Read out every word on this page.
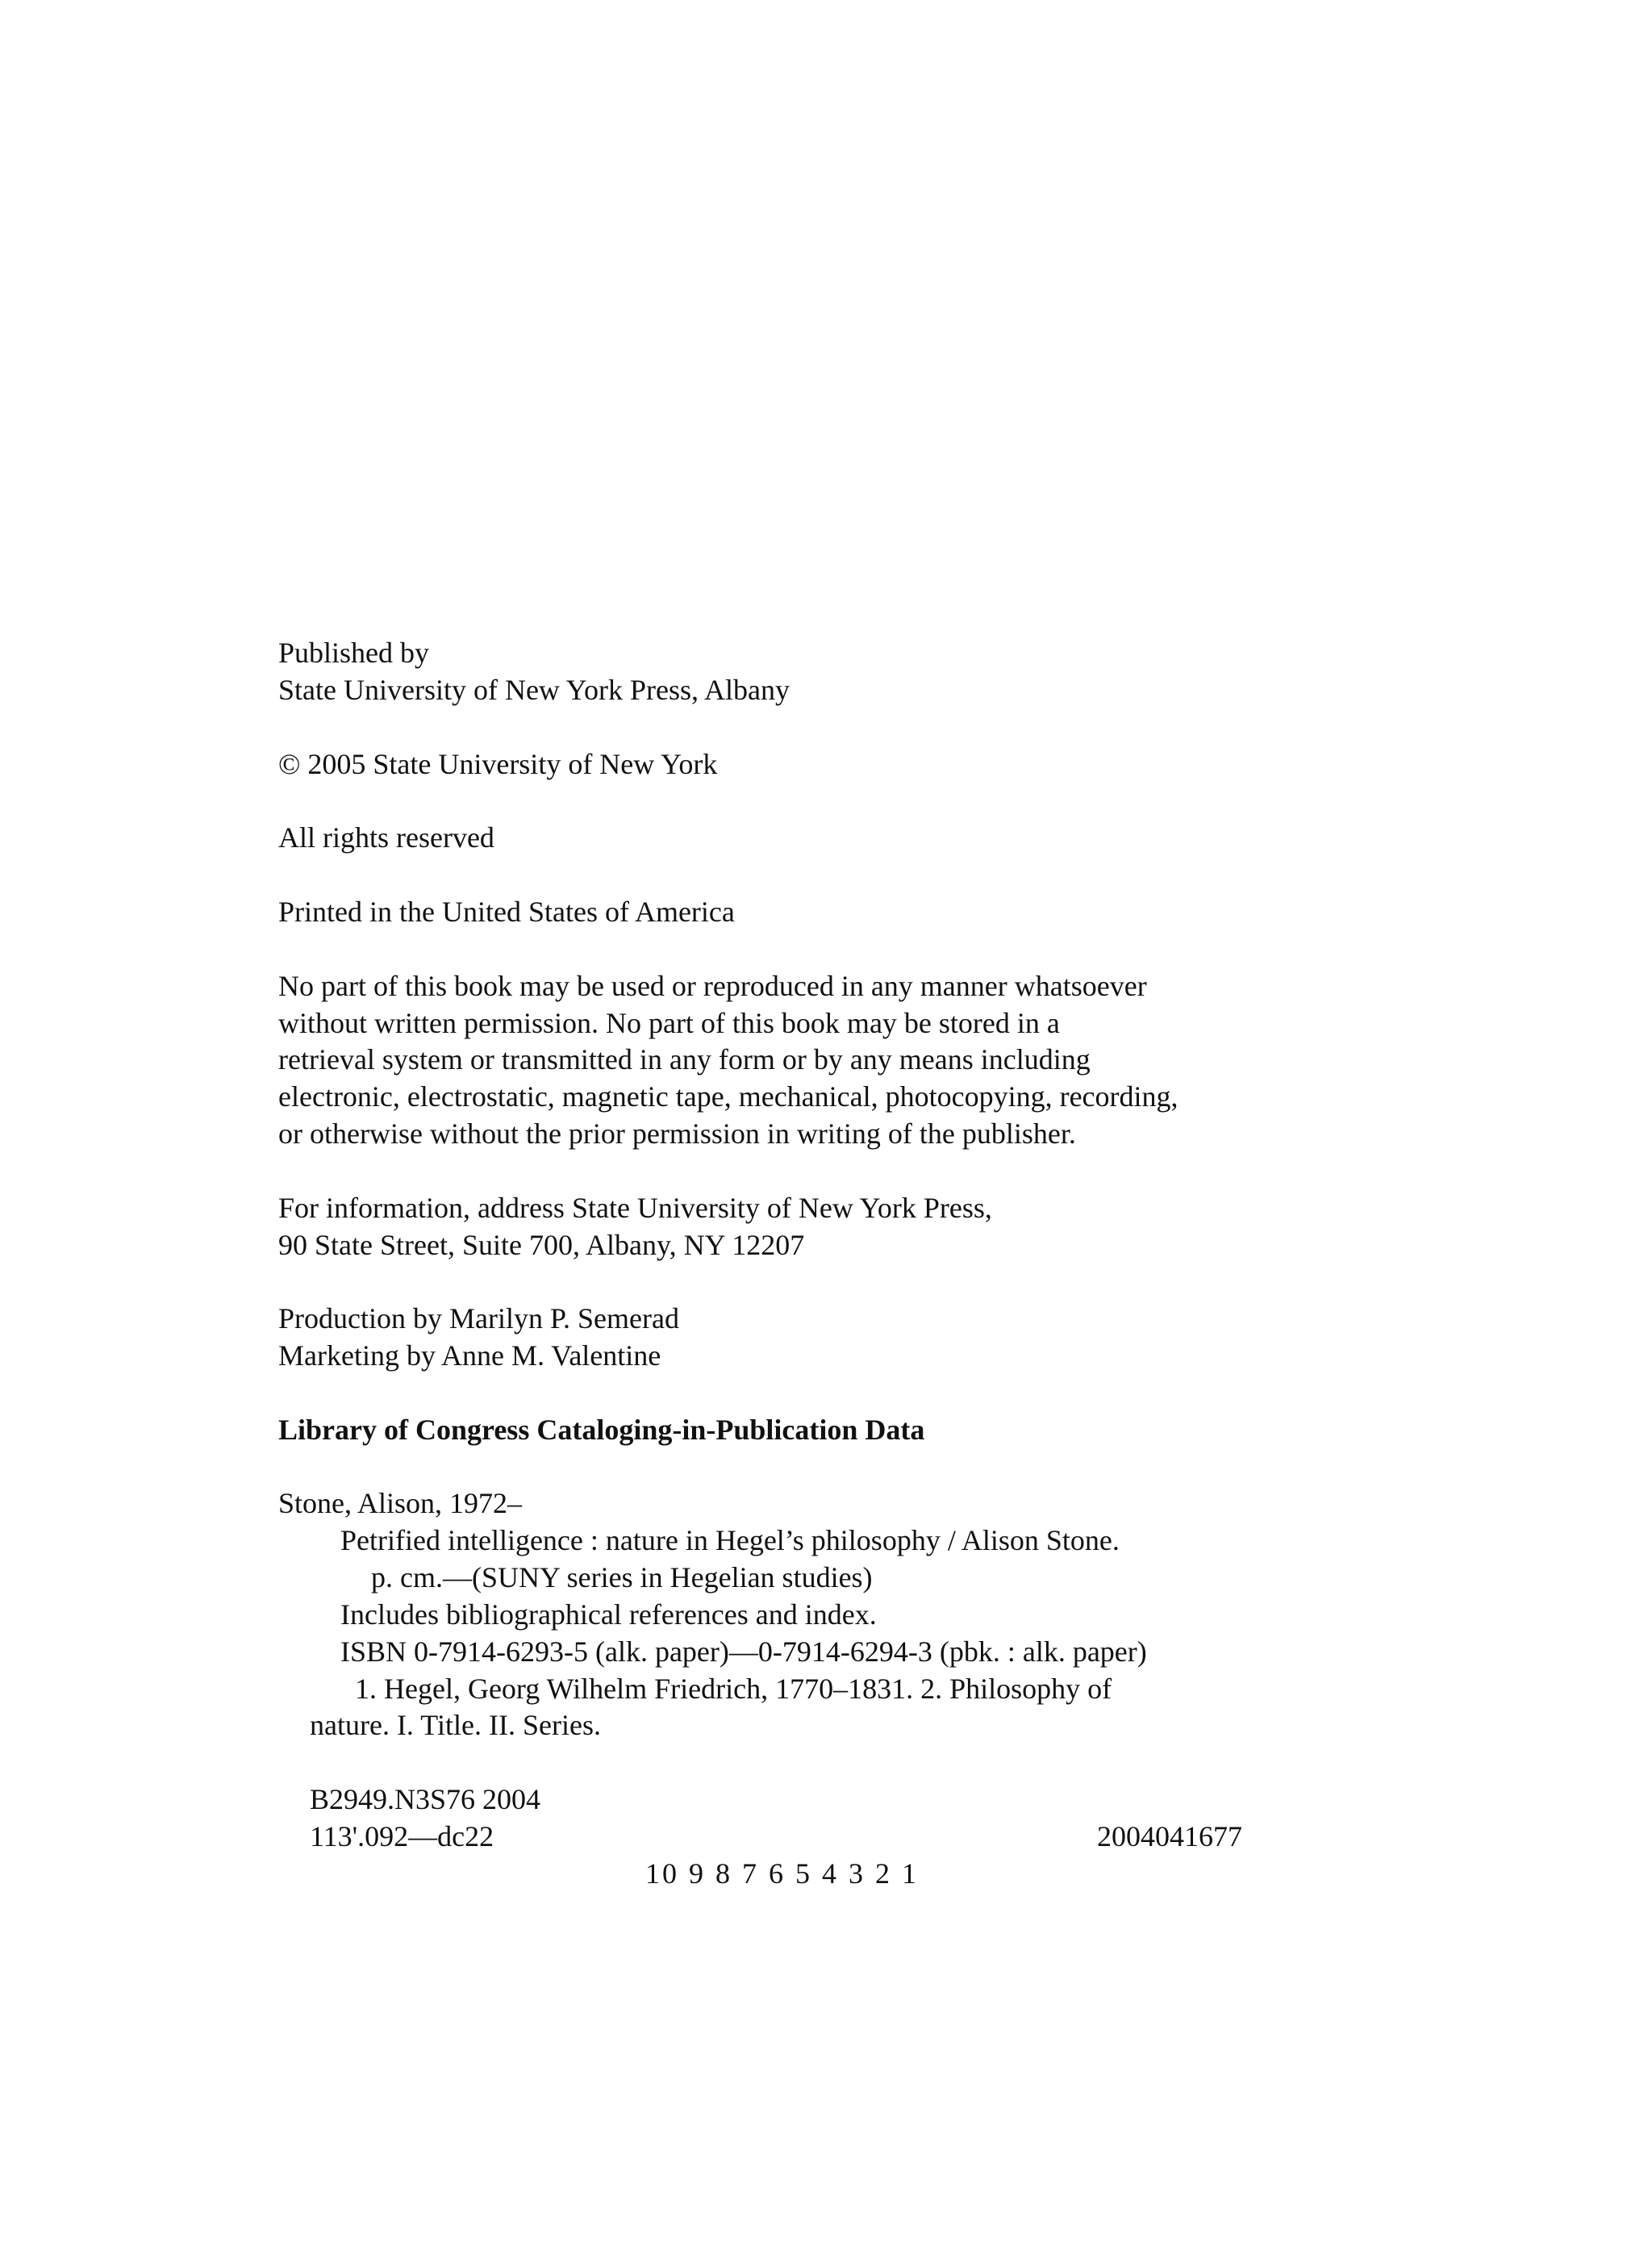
Published by
State University of New York Press, Albany
© 2005 State University of New York
All rights reserved
Printed in the United States of America
No part of this book may be used or reproduced in any manner whatsoever
without written permission. No part of this book may be stored in a
retrieval system or transmitted in any form or by any means including
electronic, electrostatic, magnetic tape, mechanical, photocopying, recording,
or otherwise without the prior permission in writing of the publisher.
For information, address State University of New York Press,
90 State Street, Suite 700, Albany, NY 12207
Production by Marilyn P. Semerad
Marketing by Anne M. Valentine
Library of Congress Cataloging-in-Publication Data
Stone, Alison, 1972–
Petrified intelligence : nature in Hegel’s philosophy / Alison Stone.
p. cm.—(SUNY series in Hegelian studies)
Includes bibliographical references and index.
ISBN 0-7914-6293-5 (alk. paper)—0-7914-6294-3 (pbk. : alk. paper)
1. Hegel, Georg Wilhelm Friedrich, 1770–1831. 2. Philosophy of
nature. I. Title. II. Series.
B2949.N3S76 2004
113'.092—dc22	2004041677
10 9 8 7 6 5 4 3 2 1
